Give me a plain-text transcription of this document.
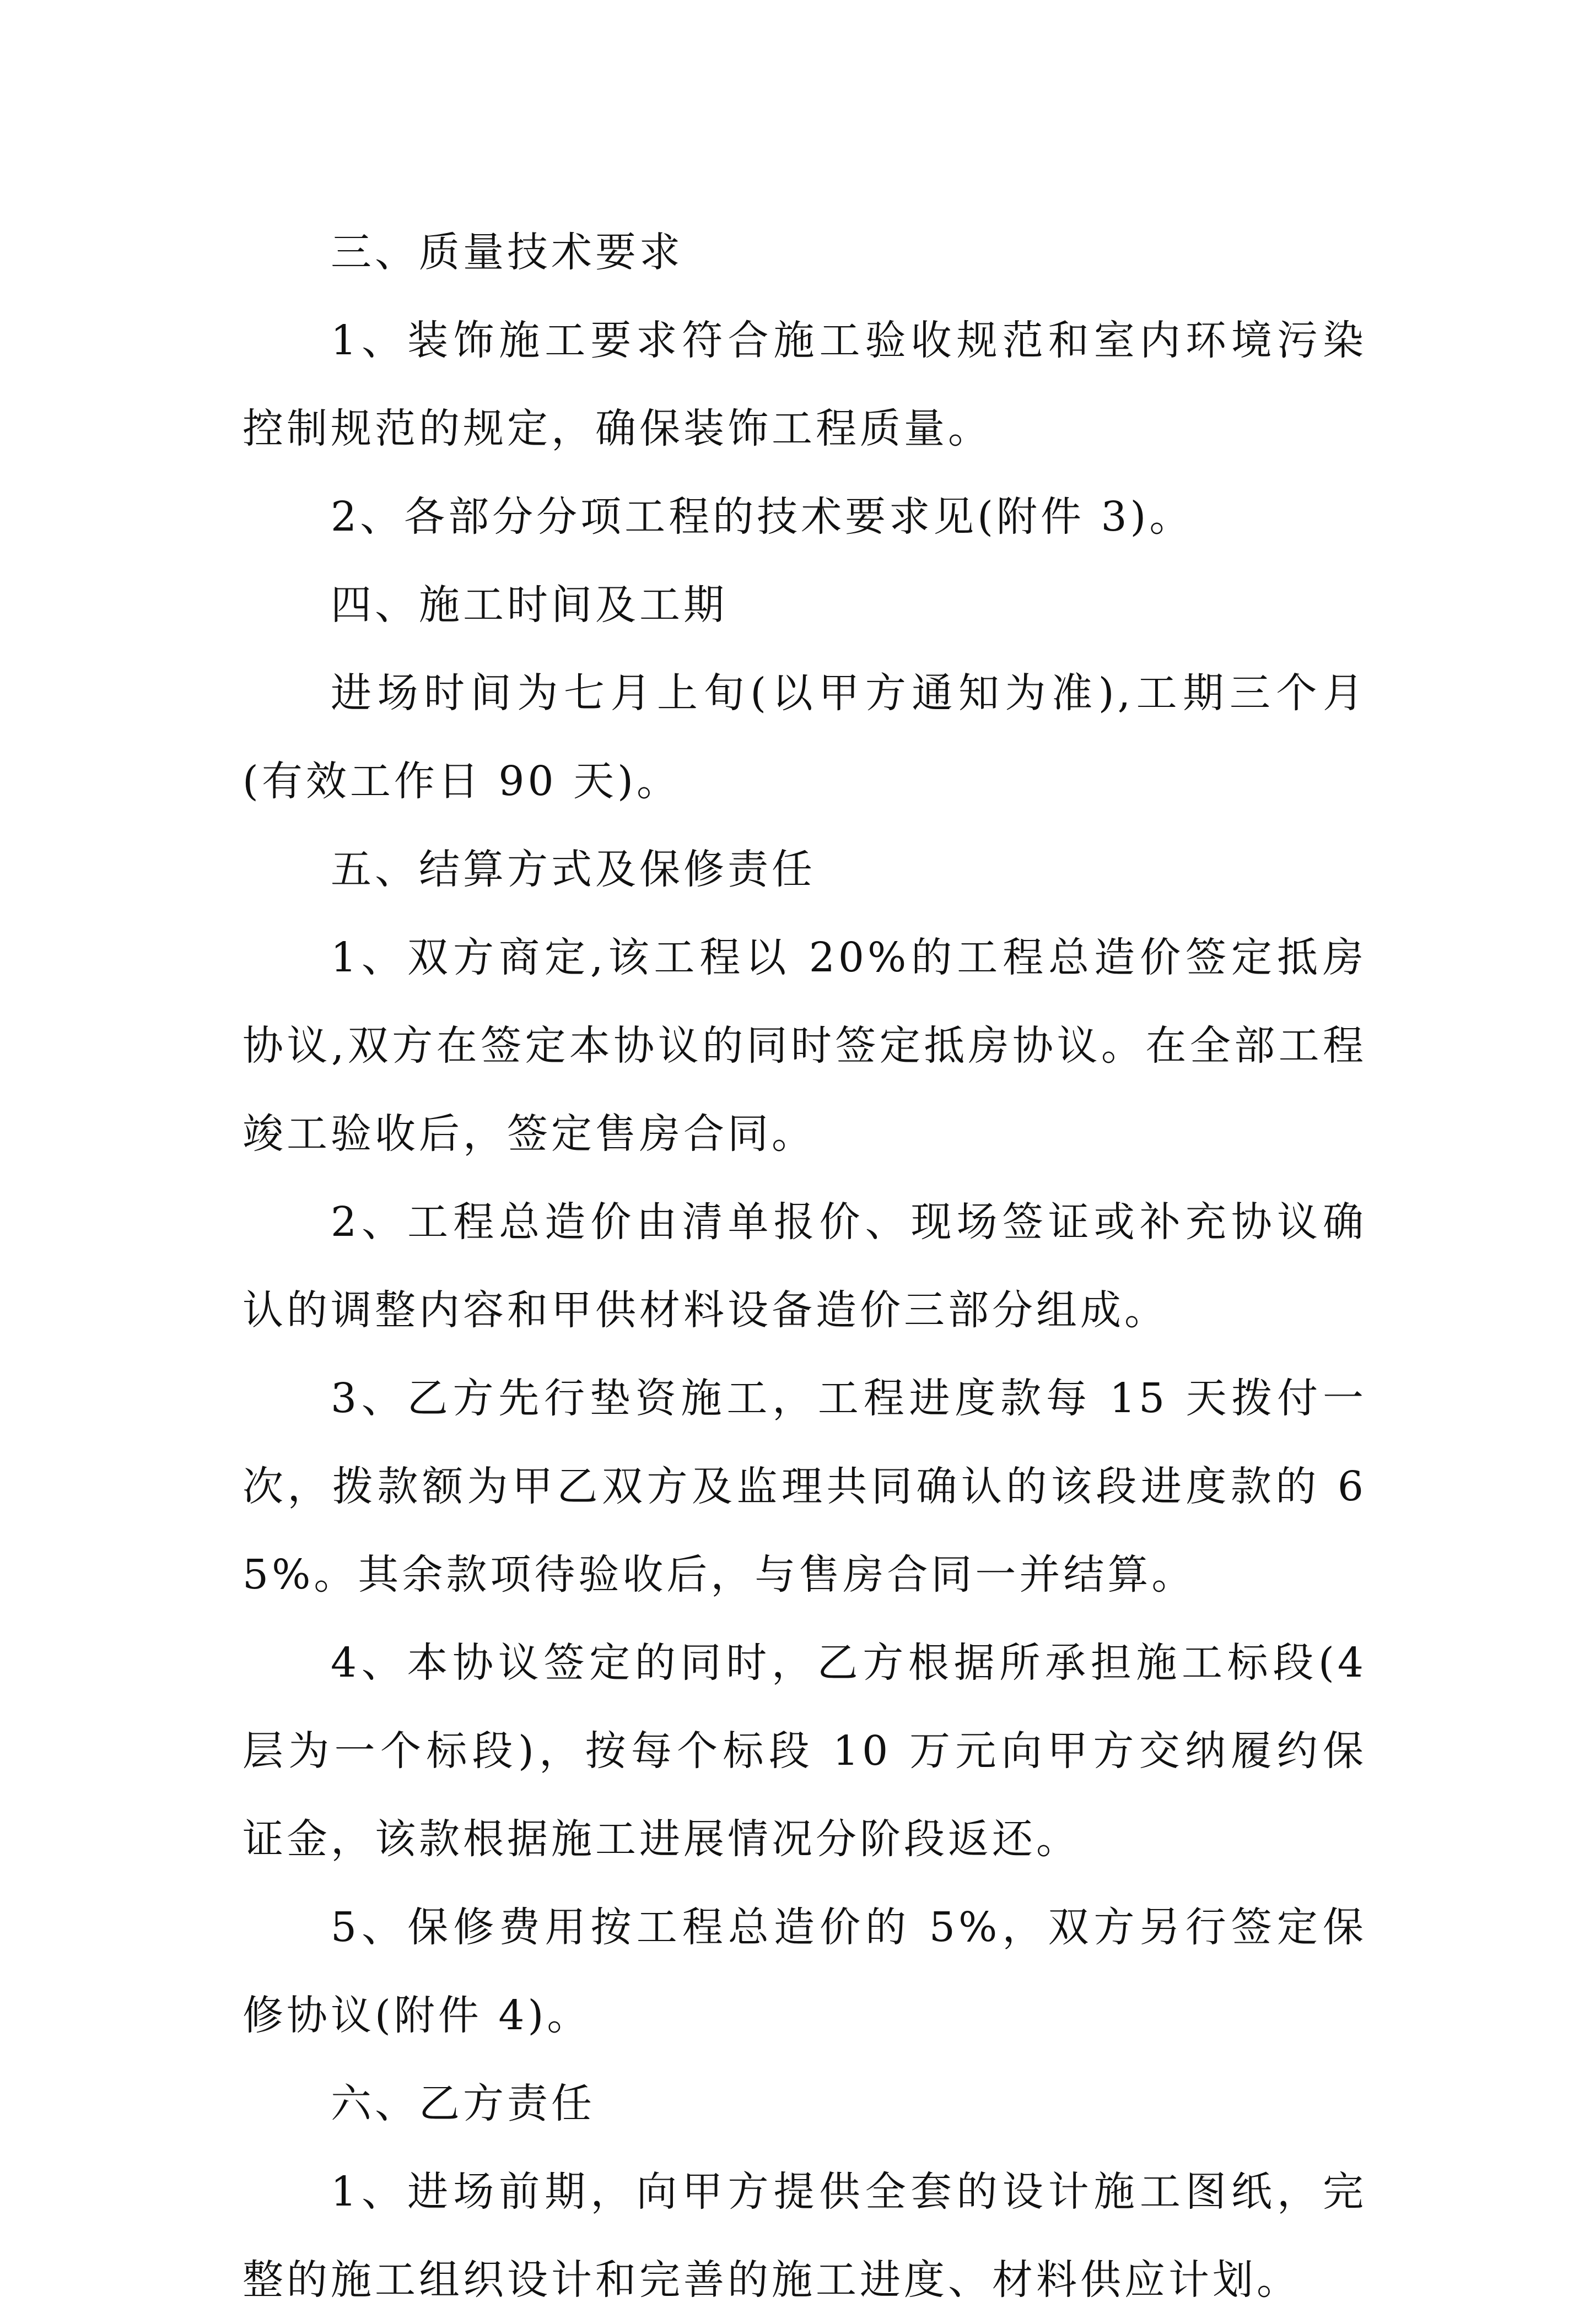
三、质量技术要求

1、装饰施工要求符合施工验收规范和室内环境污染控制规范的规定，确保装饰工程质量。

2、各部分分项工程的技术要求见(附件 3)。

四、施工时间及工期

进场时间为七月上旬(以甲方通知为准),工期三个月(有效工作日 90 天)。

五、结算方式及保修责任

1、双方商定,该工程以 20%的工程总造价签定抵房协议,双方在签定本协议的同时签定抵房协议。在全部工程竣工验收后，签定售房合同。

2、工程总造价由清单报价、现场签证或补充协议确认的调整内容和甲供材料设备造价三部分组成。

3、乙方先行垫资施工，工程进度款每 15 天拨付一次，拨款额为甲乙双方及监理共同确认的该段进度款的 65%。其余款项待验收后，与售房合同一并结算。

4、本协议签定的同时，乙方根据所承担施工标段(4 层为一个标段)，按每个标段 10 万元向甲方交纳履约保证金，该款根据施工进展情况分阶段返还。

5、保修费用按工程总造价的 5%，双方另行签定保修协议(附件 4)。

六、乙方责任

1、进场前期，向甲方提供全套的设计施工图纸，完整的施工组织设计和完善的施工进度、材料供应计划。
